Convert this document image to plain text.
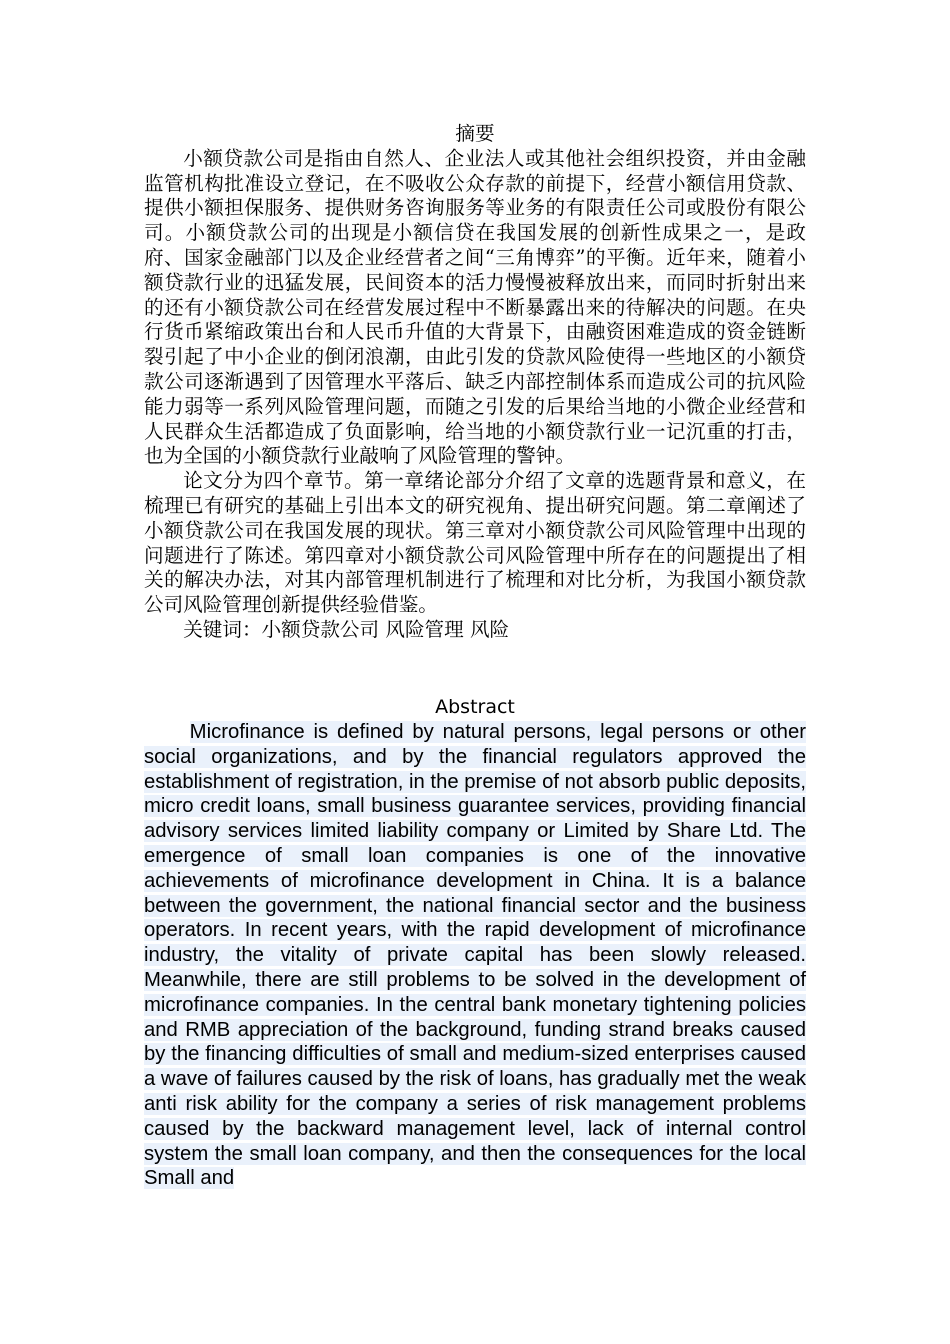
摘要

小额贷款公司是指由自然人、企业法人或其他社会组织投资，并由金融监管机构批准设立登记，在不吸收公众存款的前提下，经营小额信用贷款、提供小额担保服务、提供财务咨询服务等业务的有限责任公司或股份有限公司。小额贷款公司的出现是小额信贷在我国发展的创新性成果之一，是政府、国家金融部门以及企业经营者之间“三角博弈”的平衡。近年来，随着小额贷款行业的迅猛发展，民间资本的活力慢慢被释放出来，而同时折射出来的还有小额贷款公司在经营发展过程中不断暴露出来的待解决的问题。在央行货币紧缩政策出台和人民币升值的大背景下，由融资困难造成的资金链断裂引起了中小企业的倒闭浪潮，由此引发的贷款风险使得一些地区的小额贷款公司逐渐遇到了因管理水平落后、缺乏内部控制体系而造成公司的抗风险能力弱等一系列风险管理问题，而随之引发的后果给当地的小微企业经营和人民群众生活都造成了负面影响，给当地的小额贷款行业一记沉重的打击，也为全国的小额贷款行业敲响了风险管理的警钟。

论文分为四个章节。第一章绪论部分介绍了文章的选题背景和意义，在梳理已有研究的基础上引出本文的研究视角、提出研究问题。第二章阐述了小额贷款公司在我国发展的现状。第三章对小额贷款公司风险管理中出现的问题进行了陈述。第四章对小额贷款公司风险管理中所存在的问题提出了相关的解决办法，对其内部管理机制进行了梳理和对比分析，为我国小额贷款公司风险管理创新提供经验借鉴。

关键词：小额贷款公司 风险管理 风险

Abstract

Microfinance is defined by natural persons, legal persons or other social organizations, and by the financial regulators approved the establishment of registration, in the premise of not absorb public deposits, micro credit loans, small business guarantee services, providing financial advisory services limited liability company or Limited by Share Ltd. The emergence of small loan companies is one of the innovative achievements of microfinance development in China. It is a balance between the government, the national financial sector and the business operators. In recent years, with the rapid development of microfinance industry, the vitality of private capital has been slowly released. Meanwhile, there are still problems to be solved in the development of microfinance companies. In the central bank monetary tightening policies and RMB appreciation of the background, funding strand breaks caused by the financing difficulties of small and medium-sized enterprises caused a wave of failures caused by the risk of loans, has gradually met the weak anti risk ability for the company a series of risk management problems caused by the backward management level, lack of internal control system the small loan company, and then the consequences for the local Small and
